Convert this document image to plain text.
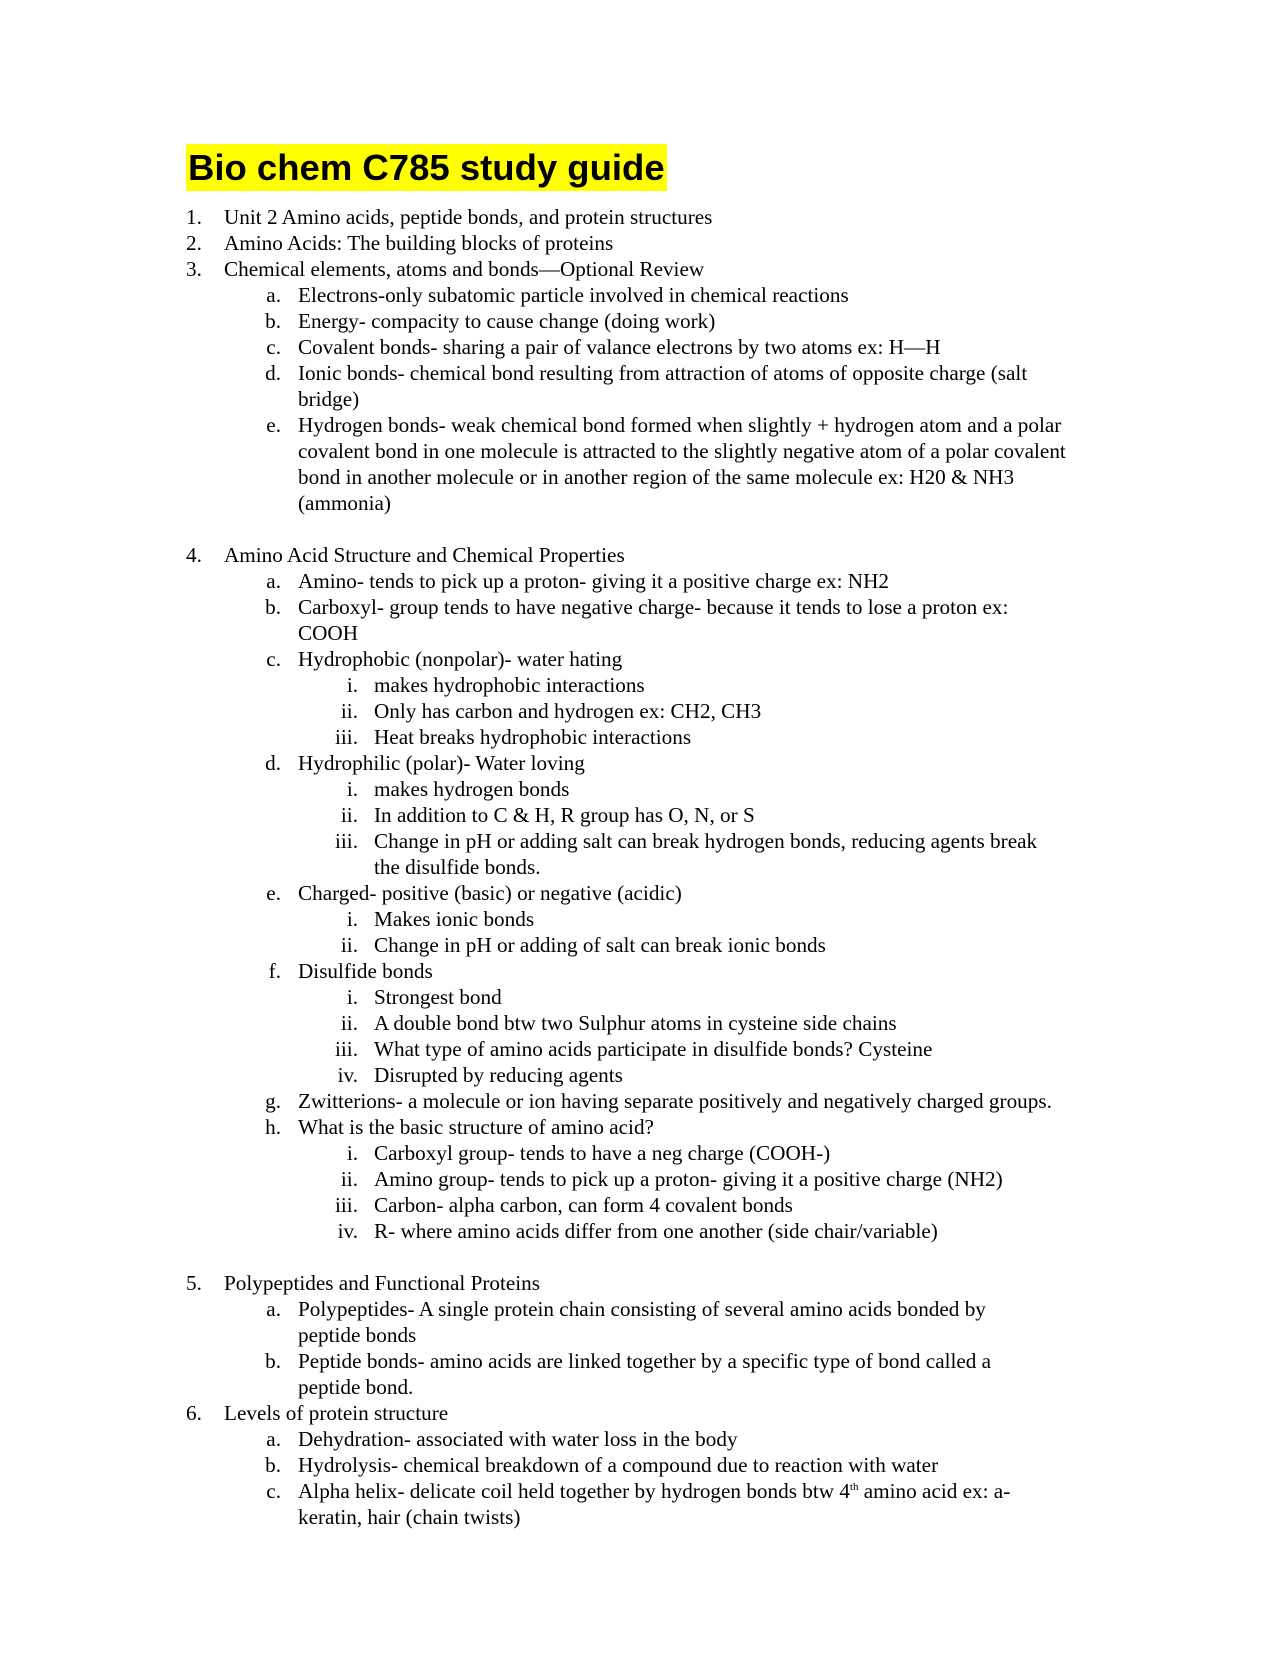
Bio chem C785 study guide
1.	Unit 2 Amino acids, peptide bonds, and protein structures

2.	Amino Acids: The building blocks of proteins

3.	Chemical elements, atoms and bonds—Optional Review

a. Electrons-only subatomic particle involved in chemical reactions

b. Energy- compacity to cause change (doing work)

c. Covalent bonds- sharing a pair of valance electrons by two atoms ex: H—H

d. Ionic bonds- chemical bond resulting from attraction of atoms of opposite charge (salt bridge)

e. Hydrogen bonds- weak chemical bond formed when slightly + hydrogen atom and a polar covalent bond in one molecule is attracted to the slightly negative atom of a polar covalent bond in another molecule or in another region of the same molecule ex: H20 & NH3 (ammonia)

4.	Amino Acid Structure and Chemical Properties

a. Amino- tends to pick up a proton- giving it a positive charge ex: NH2

b. Carboxyl- group tends to have negative charge- because it tends to lose a proton ex: COOH

c. Hydrophobic (nonpolar)- water hating

i. makes hydrophobic interactions

ii. Only has carbon and hydrogen ex: CH2, CH3

iii. Heat breaks hydrophobic interactions

d. Hydrophilic (polar)- Water loving

i. makes hydrogen bonds

ii. In addition to C & H, R group has O, N, or S

iii. Change in pH or adding salt can break hydrogen bonds, reducing agents break the disulfide bonds.

e. Charged- positive (basic) or negative (acidic)

i. Makes ionic bonds

ii. Change in pH or adding of salt can break ionic bonds

f. Disulfide bonds

i. Strongest bond

ii. A double bond btw two Sulphur atoms in cysteine side chains

iii. What type of amino acids participate in disulfide bonds? Cysteine

iv. Disrupted by reducing agents

g. Zwitterions- a molecule or ion having separate positively and negatively charged groups.

h. What is the basic structure of amino acid?

i. Carboxyl group- tends to have a neg charge (COOH-)

ii. Amino group- tends to pick up a proton- giving it a positive charge (NH2)

iii. Carbon- alpha carbon, can form 4 covalent bonds

iv. R- where amino acids differ from one another (side chair/variable)

5.	Polypeptides and Functional Proteins

a. Polypeptides- A single protein chain consisting of several amino acids bonded by peptide bonds

b. Peptide bonds- amino acids are linked together by a specific type of bond called a peptide bond.

6.	Levels of protein structure

a. Dehydration- associated with water loss in the body

b. Hydrolysis- chemical breakdown of a compound due to reaction with water

c. Alpha helix- delicate coil held together by hydrogen bonds btw 4th amino acid ex: a-keratin, hair (chain twists)
